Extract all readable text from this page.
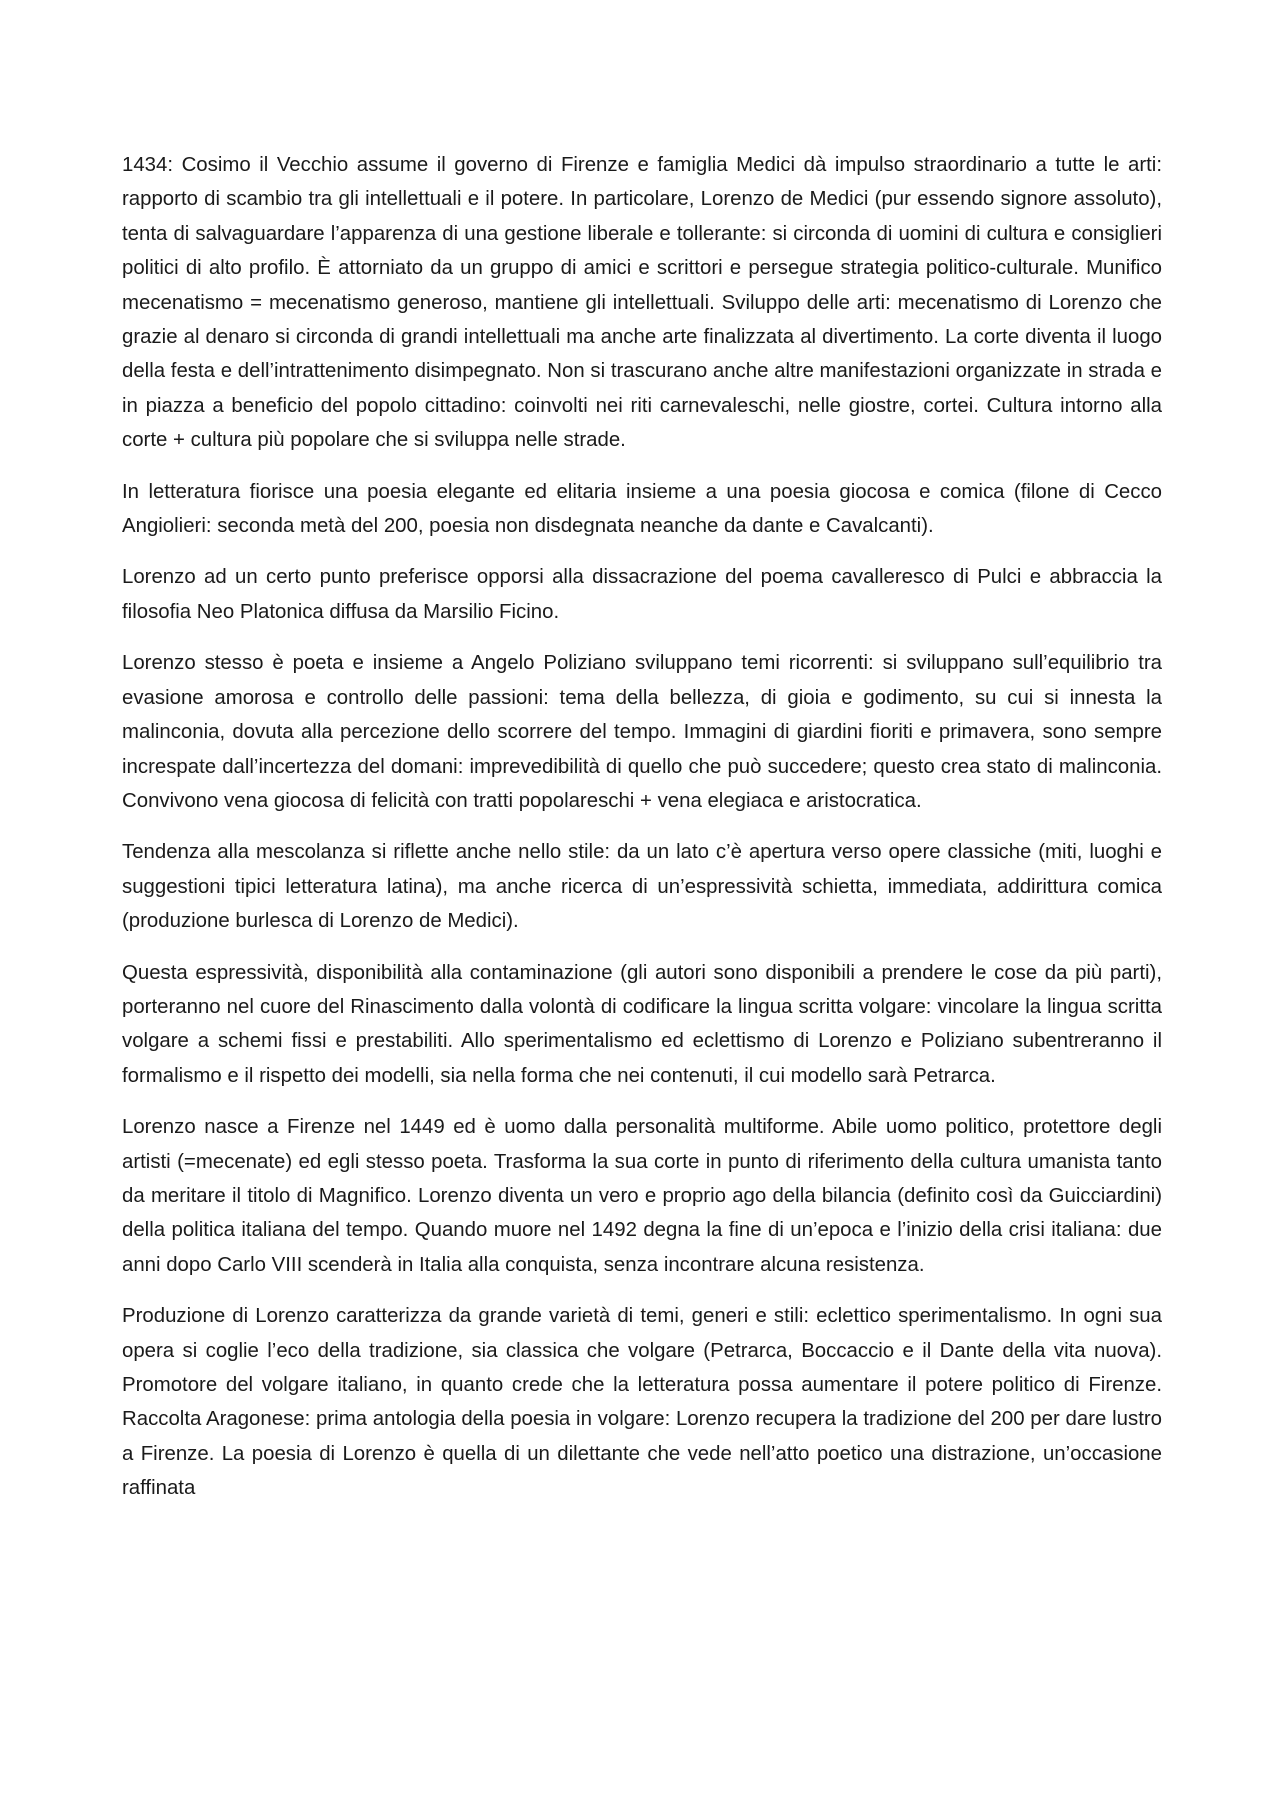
1434: Cosimo il Vecchio assume il governo di Firenze e famiglia Medici dà impulso straordinario a tutte le arti: rapporto di scambio tra gli intellettuali e il potere. In particolare, Lorenzo de Medici (pur essendo signore assoluto), tenta di salvaguardare l’apparenza di una gestione liberale e tollerante: si circonda di uomini di cultura e consiglieri politici di alto profilo. È attorniato da un gruppo di amici e scrittori e persegue strategia politico-culturale. Munifico mecenatismo = mecenatismo generoso, mantiene gli intellettuali. Sviluppo delle arti: mecenatismo di Lorenzo che grazie al denaro si circonda di grandi intellettuali ma anche arte finalizzata al divertimento. La corte diventa il luogo della festa e dell’intrattenimento disimpegnato. Non si trascurano anche altre manifestazioni organizzate in strada e in piazza a beneficio del popolo cittadino: coinvolti nei riti carnevaleschi, nelle giostre, cortei. Cultura intorno alla corte + cultura più popolare che si sviluppa nelle strade.

In letteratura fiorisce una poesia elegante ed elitaria insieme a una poesia giocosa e comica (filone di Cecco Angiolieri: seconda metà del 200, poesia non disdegnata neanche da dante e Cavalcanti).

Lorenzo ad un certo punto preferisce opporsi alla dissacrazione del poema cavalleresco di Pulci e abbraccia la filosofia Neo Platonica diffusa da Marsilio Ficino.

Lorenzo stesso è poeta e insieme a Angelo Poliziano sviluppano temi ricorrenti: si sviluppano sull’equilibrio tra evasione amorosa e controllo delle passioni: tema della bellezza, di gioia e godimento, su cui si innesta la malinconia, dovuta alla percezione dello scorrere del tempo. Immagini di giardini fioriti e primavera, sono sempre increspate dall’incertezza del domani: imprevedibilità di quello che può succedere; questo crea stato di malinconia. Convivono vena giocosa di felicità con tratti popolareschi + vena elegiaca e aristocratica.

Tendenza alla mescolanza si riflette anche nello stile: da un lato c’è apertura verso opere classiche (miti, luoghi e suggestioni tipici letteratura latina), ma anche ricerca di un’espressività schietta, immediata, addirittura comica (produzione burlesca di Lorenzo de Medici).

Questa espressività, disponibilità alla contaminazione (gli autori sono disponibili a prendere le cose da più parti), porteranno nel cuore del Rinascimento dalla volontà di codificare la lingua scritta volgare: vincolare la lingua scritta volgare a schemi fissi e prestabiliti. Allo sperimentalismo ed eclettismo di Lorenzo e Poliziano subentreranno il formalismo e il rispetto dei modelli, sia nella forma che nei contenuti, il cui modello sarà Petrarca.

Lorenzo nasce a Firenze nel 1449 ed è uomo dalla personalità multiforme. Abile uomo politico, protettore degli artisti (=mecenate) ed egli stesso poeta. Trasforma la sua corte in punto di riferimento della cultura umanista tanto da meritare il titolo di Magnifico. Lorenzo diventa un vero e proprio ago della bilancia (definito così da Guicciardini) della politica italiana del tempo. Quando muore nel 1492 degna la fine di un’epoca e l’inizio della crisi italiana: due anni dopo Carlo VIII scenderà in Italia alla conquista, senza incontrare alcuna resistenza.

Produzione di Lorenzo caratterizza da grande varietà di temi, generi e stili: eclettico sperimentalismo. In ogni sua opera si coglie l’eco della tradizione, sia classica che volgare (Petrarca, Boccaccio e il Dante della vita nuova). Promotore del volgare italiano, in quanto crede che la letteratura possa aumentare il potere politico di Firenze. Raccolta Aragonese: prima antologia della poesia in volgare: Lorenzo recupera la tradizione del 200 per dare lustro a Firenze. La poesia di Lorenzo è quella di un dilettante che vede nell’atto poetico una distrazione, un’occasione raffinata
